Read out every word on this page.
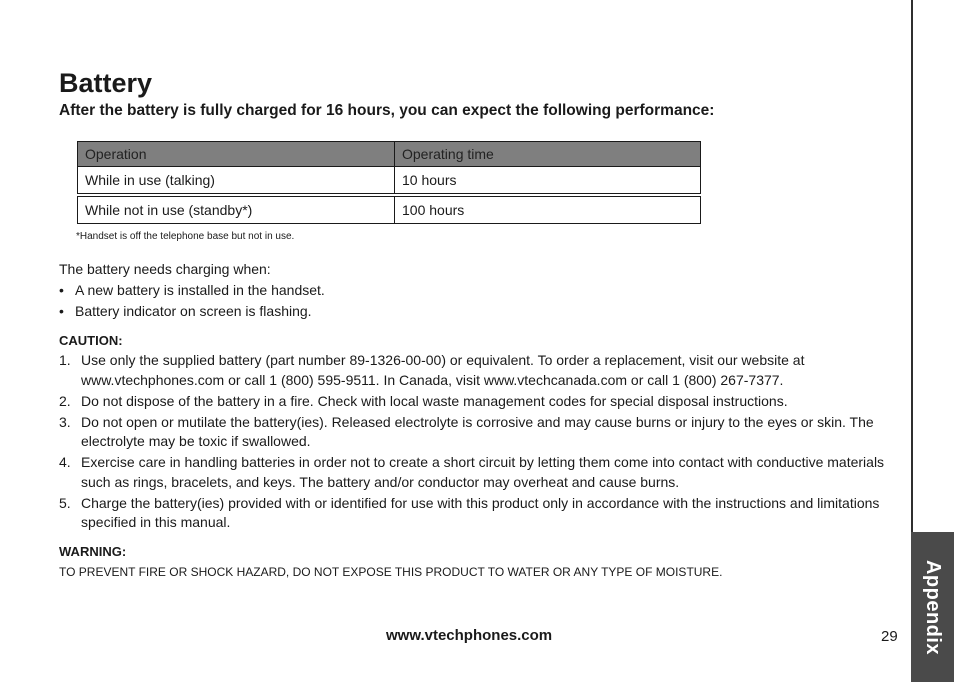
Battery

After the battery is fully charged for 16 hours, you can expect the following performance:

Operation	Operating time
While in use (talking)	10 hours

While not in use (standby*)	100 hours

*Handset is off the telephone base but not in use.

The battery needs charging when:

• A new battery is installed in the handset.
• Battery indicator on screen is flashing.

CAUTION:

1. Use only the supplied battery (part number 89-1326-00-00) or equivalent. To order a replacement, visit our website at www.vtechphones.com or call 1 (800) 595-9511. In Canada, visit www.vtechcanada.com or call 1 (800) 267-7377.
2. Do not dispose of the battery in a fire. Check with local waste management codes for special disposal instructions.
3. Do not open or mutilate the battery(ies). Released electrolyte is corrosive and may cause burns or injury to the eyes or skin. The electrolyte may be toxic if swallowed.
4. Exercise care in handling batteries in order not to create a short circuit by letting them come into contact with conductive materials such as rings, bracelets, and keys. The battery and/or conductor may overheat and cause burns.
5. Charge the battery(ies) provided with or identified for use with this product only in accordance with the instructions and limitations specified in this manual.

WARNING:

TO PREVENT FIRE OR SHOCK HAZARD, DO NOT EXPOSE THIS PRODUCT TO WATER OR ANY TYPE OF MOISTURE.

www.vtechphones.com	29 Appendix
